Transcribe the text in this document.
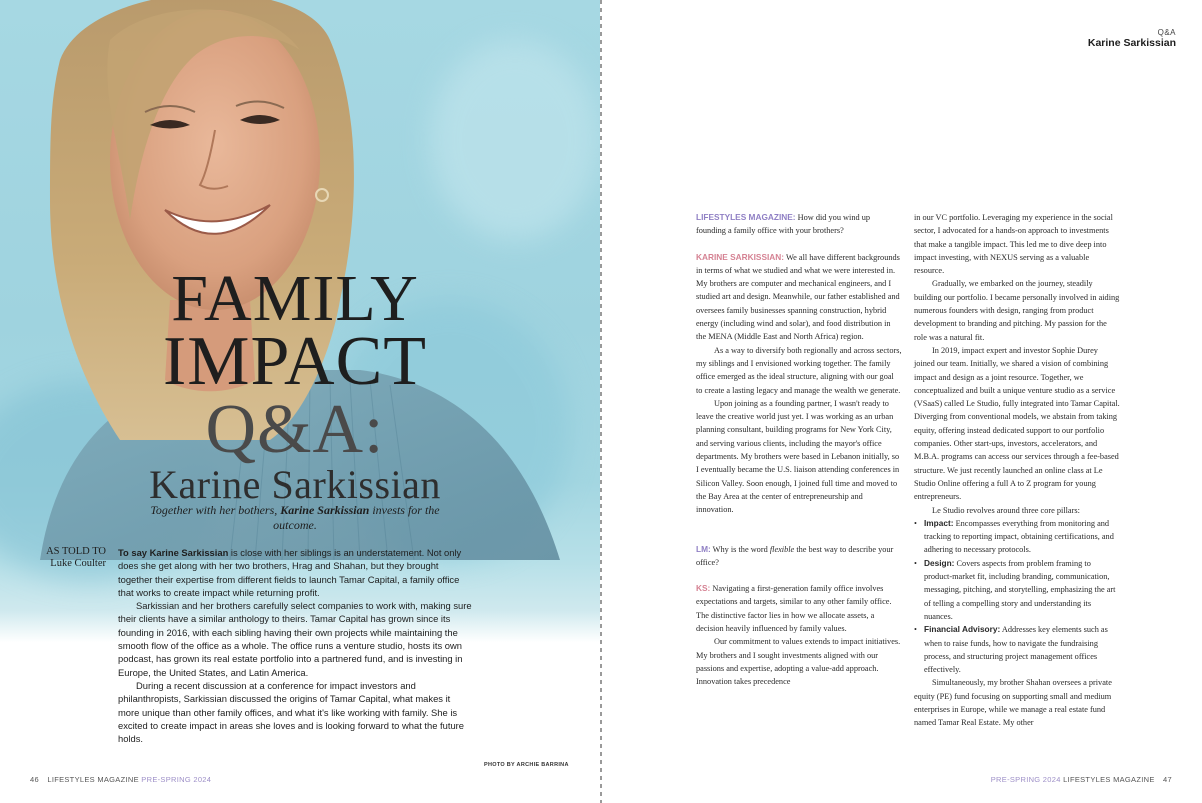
FAMILY
IMPACT
Q&A:
Karine Sarkissian
Together with her bothers, Karine Sarkissian invests for the outcome.
AS TOLD TO
Luke Coulter

To say Karine Sarkissian is close with her siblings is an understatement. Not only does she get along with her two brothers, Hrag and Shahan, but they brought together their expertise from different fields to launch Tamar Capital, a family office that works to create impact while returning profit.

Sarkissian and her brothers carefully select companies to work with, making sure their clients have a similar anthology to theirs. Tamar Capital has grown since its founding in 2016, with each sibling having their own projects while maintaining the smooth flow of the office as a whole. The office runs a venture studio, hosts its own podcast, has grown its real estate portfolio into a partnered fund, and is investing in Europe, the United States, and Latin America.

During a recent discussion at a conference for impact investors and philanthropists, Sarkissian discussed the origins of Tamar Capital, what makes it more unique than other family offices, and what it's like working with family. She is excited to create impact in areas she loves and is looking forward to what the future holds.

PHOTO BY ARCHIE BARRINA
46 LIFESTYLES MAGAZINE PRE-SPRING 2024
Q&A
Karine Sarkissian

LIFESTYLES MAGAZINE: How did you wind up founding a family office with your brothers?

KARINE SARKISSIAN: We all have different backgrounds in terms of what we studied and what we were interested in. My brothers are computer and mechanical engineers, and I studied art and design. Meanwhile, our father established and oversees family businesses spanning construction, hybrid energy (including wind and solar), and food distribution in the MENA (Middle East and North Africa) region.

As a way to diversify both regionally and across sectors, my siblings and I envisioned working together. The family office emerged as the ideal structure, aligning with our goal to create a lasting legacy and manage the wealth we generate.

Upon joining as a founding partner, I wasn't ready to leave the creative world just yet. I was working as an urban planning consultant, building programs for New York City, and serving various clients, including the mayor's office departments. My brothers were based in Lebanon initially, so I eventually became the U.S. liaison attending conferences in Silicon Valley. Soon enough, I joined full time and moved to the Bay Area at the center of entrepreneurship and innovation.

LM: Why is the word flexible the best way to describe your office?

KS: Navigating a first-generation family office involves expectations and targets, similar to any other family office. The distinctive factor lies in how we allocate assets, a decision heavily influenced by family values.

Our commitment to values extends to impact initiatives. My brothers and I sought investments aligned with our passions and expertise, adopting a value-add approach. Innovation takes precedence

in our VC portfolio. Leveraging my experience in the social sector, I advocated for a hands-on approach to investments that make a tangible impact. This led me to dive deep into impact investing, with NEXUS serving as a valuable resource.

Gradually, we embarked on the journey, steadily building our portfolio. I became personally involved in aiding numerous founders with design, ranging from product development to branding and pitching. My passion for the role was a natural fit.

In 2019, impact expert and investor Sophie Durey joined our team. Initially, we shared a vision of combining impact and design as a joint resource. Together, we conceptualized and built a unique venture studio as a service (VSaaS) called Le Studio, fully integrated into Tamar Capital. Diverging from conventional models, we abstain from taking equity, offering instead dedicated support to our portfolio companies. Other start-ups, investors, accelerators, and M.B.A. programs can access our services through a fee-based structure. We just recently launched an online class at Le Studio Online offering a full A to Z program for young entrepreneurs.

Le Studio revolves around three core pillars:

• Impact: Encompasses everything from monitoring and tracking to reporting impact, obtaining certifications, and adhering to necessary protocols.
• Design: Covers aspects from problem framing to product-market fit, including branding, communication, messaging, pitching, and storytelling, emphasizing the art of telling a compelling story and understanding its nuances.
• Financial Advisory: Addresses key elements such as when to raise funds, how to navigate the fundraising process, and structuring project management offices effectively.

Simultaneously, my brother Shahan oversees a private equity (PE) fund focusing on supporting small and medium enterprises in Europe, while we manage a real estate fund named Tamar Real Estate. My other

PRE-SPRING 2024 LIFESTYLES MAGAZINE 47
